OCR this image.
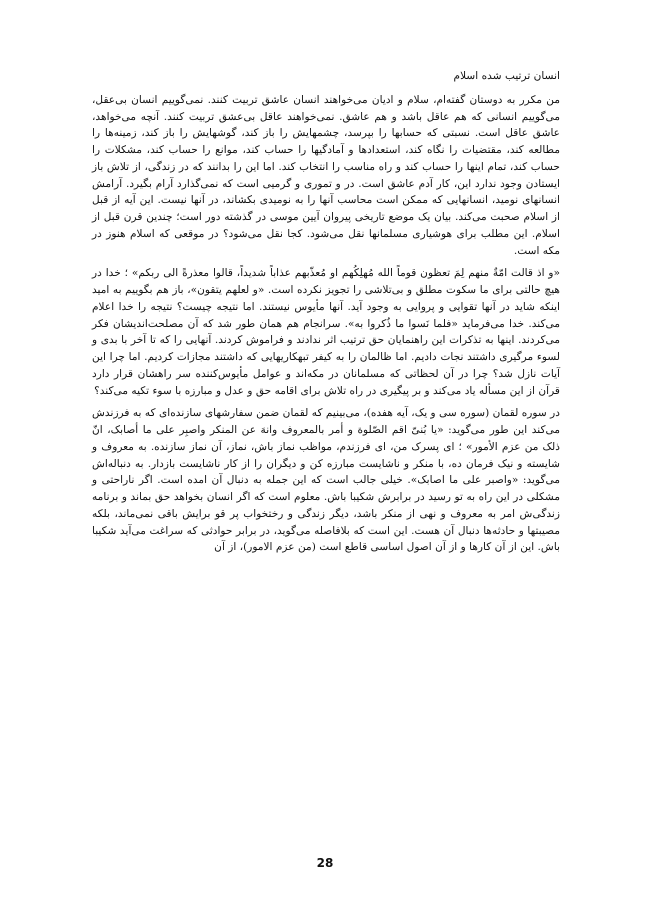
انسان ترتیب شده اسلام

من مکرر به دوستان گفته‌ام، سلام و ادیان می‌خواهند انسان عاشق تربیت کنند. نمی‌گوییم انسان بی‌عقل، می‌گوییم انسانی که هم عاقل باشد و هم عاشق. نمی‌خواهند عاقل بی‌عشق تربیت کنند. آنچه می‌خواهد، عاشق عاقل است. نسبتی که حسابها را بپرسد، چشمهایش را باز کند، گوشهایش را باز کند، زمینه‌ها را مطالعه کند، مقتضیات را نگاه کند، استعدادها و آمادگیها را حساب کند، موانع را حساب کند، مشکلات را حساب کند، تمام اینها را حساب کند و راه مناسب را انتخاب کند. اما این را بدانند که در زندگی، از تلاش باز ایستادن وجود ندارد این، کار آدم عاشق است. در و تموری و گرمیی است که نمی‌گذارد آرام بگیرد. آرامش انسانهای نومید، انسانهایی که ممکن است محاسب آنها را به نومیدی بکشاند، در آنها نیست. این آیه از قبل از اسلام صحبت می‌کند. بیان یک موضع تاریخی پیروان آیین موسی در گذشته دور است؛ چندین قرن قبل از اسلام. این مطلب برای هوشیاری مسلمانها نقل می‌شود. کجا نقل می‌شود؟ در موقعی که اسلام هنوز در مکه است.

«و اذ قالت امّةٌ منهم لِمَ تعظون قوماً الله مُهلِکُهم او مُعذّبهم عذاباً شدیداً، قالوا معذرةً الی ربکم» ؛ خدا در هیچ حالتی برای ما سکوت مطلق و بی‌تلاشی را تجویز نکرده است. «و لعلهم یتقون»، باز هم بگوییم به امید اینکه شاید در آنها تقوایی و پروایی به وجود آید. آنها مأیوس نیستند. اما نتیجه چیست؟ نتیجه را خدا اعلام می‌کند. خدا می‌فرماید «فلما نَسوا ما ذُکروا به». سرانجام هم همان طور شد که آن مصلحت‌اندیشان فکر می‌کردند. اینها به تذکرات این راهنمایان حق ترتیب اثر ندادند و فراموش کردند. آنهایی را که تا آخر با بدی و لسوء مرگیری داشتند نجات دادیم. اما ظالمان را به کیفر تبهکاریهایی که داشتند مجازات کردیم. اما چرا این آیات نازل شد؟ چرا در آن لحظاتی که مسلمانان در مکه‌اند و عوامل مأیوس‌کننده سر راهشان قرار دارد قرآن از این مسأله یاد می‌کند و بر پیگیری در راه تلاش برای اقامه حق و عدل و مبارزه با سوء تکیه می‌کند؟

در سوره لقمان (سوره سی و یک، آیه هفده)، می‌بینیم که لقمان ضمن سفارشهای سازنده‌ای که به فرزندش می‌کند این طور می‌گوید: «یا بُنیّ اقم الصّلوة و أمر بالمعروف وانهَ عن المنکر واصبِر علی ما أصابک، انّ ذلک من عزم الأمور» ؛ ای پسرک من، ای فرزندم، مواظب نماز باش، نماز، آن نماز سازنده. به معروف و شایسته و نیک فرمان ده، با منکر و ناشایست مبارزه کن و دیگران را از کار ناشایست بازدار. به دنباله‌اش می‌گوید: «واصبر علی ما اصابک». خیلی جالب است که این جمله به دنبال آن امده است. اگر ناراحتی و مشکلی در این راه به تو رسید در برابرش شکیبا باش. معلوم است که اگر انسان بخواهد حق بماند و برنامه زندگی‌ش امر به معروف و نهی از منکر باشد، دیگر زندگی و رختخواب پر قو برایش باقی نمی‌ماند، بلکه مصیبتها و حادثه‌ها دنبال آن هست. این است که بلافاصله می‌گوید، در برابر حوادثی که سراغت می‌آید شکیبا باش. این از آن کارها و از آن اصول اساسی قاطع است (من عزم الامور)، از آن

28
